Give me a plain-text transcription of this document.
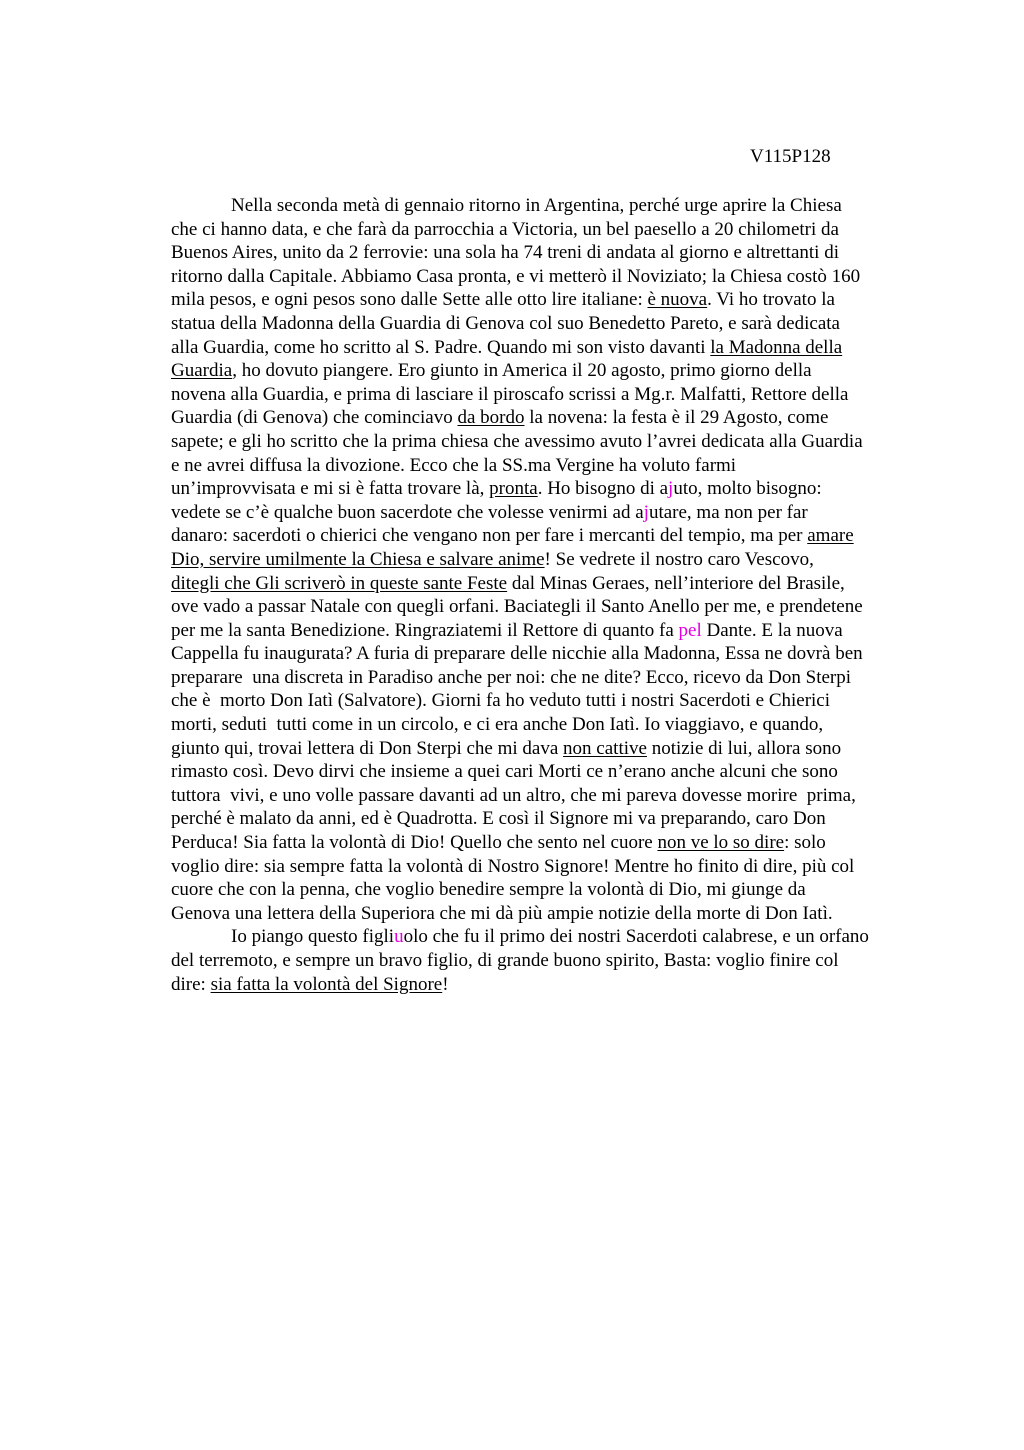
V115P128

Nella seconda metà di gennaio ritorno in Argentina, perché urge aprire la Chiesa
che ci hanno data, e che farà da parrocchia a Victoria, un bel paesello a 20 chilometri da
Buenos Aires, unito da 2 ferrovie: una sola ha 74 treni di andata al giorno e altrettanti di
ritorno dalla Capitale. Abbiamo Casa pronta, e vi metterò il Noviziato; la Chiesa costò 160
mila pesos, e ogni pesos sono dalle Sette alle otto lire italiane: è nuova. Vi ho trovato la
statua della Madonna della Guardia di Genova col suo Benedetto Pareto, e sarà dedicata
alla Guardia, come ho scritto al S. Padre. Quando mi son visto davanti la Madonna della
Guardia, ho dovuto piangere. Ero giunto in America il 20 agosto, primo giorno della
novena alla Guardia, e prima di lasciare il piroscafo scrissi a Mg.r. Malfatti, Rettore della
Guardia (di Genova) che cominciavo da bordo la novena: la festa è il 29 Agosto, come
sapete; e gli ho scritto che la prima chiesa che avessimo avuto l’avrei dedicata alla Guardia
e ne avrei diffusa la divozione. Ecco che la SS.ma Vergine ha voluto farmi
un’improvvisata e mi si è fatta trovare là, pronta. Ho bisogno di ajuto, molto bisogno:
vedete se c’è qualche buon sacerdote che volesse venirmi ad ajutare, ma non per far
danaro: sacerdoti o chierici che vengano non per fare i mercanti del tempio, ma per amare
Dio, servire umilmente la Chiesa e salvare anime! Se vedrete il nostro caro Vescovo,
ditegli che Gli scriverò in queste sante Feste dal Minas Geraes, nell’interiore del Brasile,
ove vado a passar Natale con quegli orfani. Baciategli il Santo Anello per me, e prendetene
per me la santa Benedizione. Ringraziatemi il Rettore di quanto fa pel Dante. E la nuova
Cappella fu inaugurata? A furia di preparare delle nicchie alla Madonna, Essa ne dovrà ben
preparare  una discreta in Paradiso anche per noi: che ne dite? Ecco, ricevo da Don Sterpi
che è  morto Don Iatì (Salvatore). Giorni fa ho veduto tutti i nostri Sacerdoti e Chierici
morti, seduti  tutti come in un circolo, e ci era anche Don Iatì. Io viaggiavo, e quando,
giunto qui, trovai lettera di Don Sterpi che mi dava non cattive notizie di lui, allora sono
rimasto così. Devo dirvi che insieme a quei cari Morti ce n’erano anche alcuni che sono
tuttora  vivi, e uno volle passare davanti ad un altro, che mi pareva dovesse morire  prima,
perché è malato da anni, ed è Quadrotta. E così il Signore mi va preparando, caro Don
Perduca! Sia fatta la volontà di Dio! Quello che sento nel cuore non ve lo so dire: solo
voglio dire: sia sempre fatta la volontà di Nostro Signore! Mentre ho finito di dire, più col
cuore che con la penna, che voglio benedire sempre la volontà di Dio, mi giunge da
Genova una lettera della Superiora che mi dà più ampie notizie della morte di Don Iatì.
Io piango questo figliuolo che fu il primo dei nostri Sacerdoti calabrese, e un orfano
del terremoto, e sempre un bravo figlio, di grande buono spirito, Basta: voglio finire col
dire: sia fatta la volontà del Signore!
